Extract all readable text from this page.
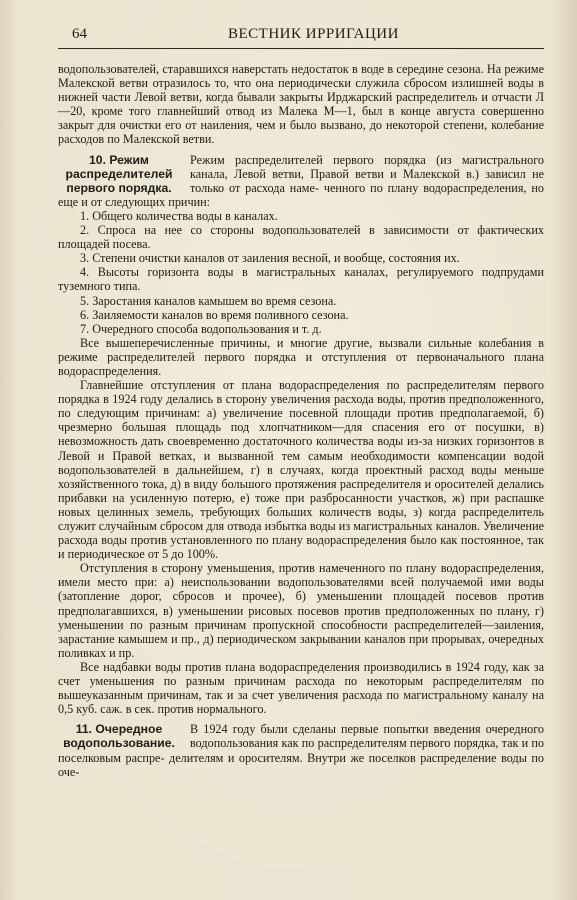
64	ВЕСТНИК ИРРИГАЦИИ

водопользователей, старавшихся наверстать недостаток в воде в середине сезона. На режиме Малекской ветви отразилось то, что она периодически служила сбросом излишней воды в нижней части Левой ветви, когда бывали закрыты Ирджарский распределитель и отчасти Л—20, кроме того главнейший отвод из Малека М—1, был в конце августа совершенно закрыт для очистки его от наиления, чем и было вызвано, до некоторой степени, колебание расходов по Малекской ветви.

10. Режим распределителей первого порядка.

Режим распределителей первого порядка (из магистрального канала, Левой ветви, Правой ветви и Малекской в.) зависил не только от расхода наме- ченного по плану водораспределения, но еще и от следующих причин:

1. Общего количества воды в каналах.

2. Спроса на нее со стороны водопользователей в зависимости от фактических площадей посева.

3. Степени очистки каналов от заиления весной, и вообще, состояния их.

4. Высоты горизонта воды в магистральных каналах, регулируемого подпрудами туземного типа.

5. Заростания каналов камышем во время сезона.

6. Заиляемости каналов во время поливного сезона.

7. Очередного способа водопользования и т. д.

Все вышеперечисленные причины, и многие другие, вызвали сильные колебания в режиме распределителей первого порядка и отступления от первоначального плана водораспределения.

Главнейшие отступления от плана водораспределения по распределителям первого порядка в 1924 году делались в сторону увеличения расхода воды, против предположенного, по следующим причинам: а) увеличение посевной площади против предполагаемой, б) чрезмерно большая площадь под хлопчатником—для спасения его от посушки, в) невозможность дать своевременно достаточного количества воды из-за низких горизонтов в Левой и Правой ветках, и вызванной тем самым необходимости компенсации водой водопользователей в дальнейшем, г) в случаях, когда проектный расход воды меньше хозяйственного тока, д) в виду большого протяжения распределителя и оросителей делались прибавки на усиленную потерю, е) тоже при разбросанности участков, ж) при распашке новых целинных земель, требующих больших количеств воды, з) когда распределитель служит случайным сбросом для отвода избытка воды из магистральных каналов. Увеличение расхода воды против установленного по плану водораспределения было как постоянное, так и периодическое от 5 до 100%.

Отступления в сторону уменьшения, против намеченного по плану водораспределения, имели место при: а) неиспользовании водопользователями всей получаемой ими воды (затопление дорог, сбросов и прочее), б) уменьшении площадей посевов против предполагавшихся, в) уменьшении рисовых посевов против предположенных по плану, г) уменьшении по разным причинам пропускной способности распределителей—заиления, зарастание камышем и пр., д) периодическом закрывании каналов при прорывах, очередных поливках и пр.

Все надбавки воды против плана водораспределения производились в 1924 году, как за счет уменьшения по разным причинам расхода по некоторым распределителям по вышеуказанным причинам, так и за счет увеличения расхода по магистральному каналу на 0,5 куб. саж. в сек. против нормального.

11. Очередное водопользование.

В 1924 году были сделаны первые попытки введения очередного водопользования как по распределителям первого порядка, так и по поселковым распре- делителям и оросителям. Внутри же поселков распределение воды по оче-
